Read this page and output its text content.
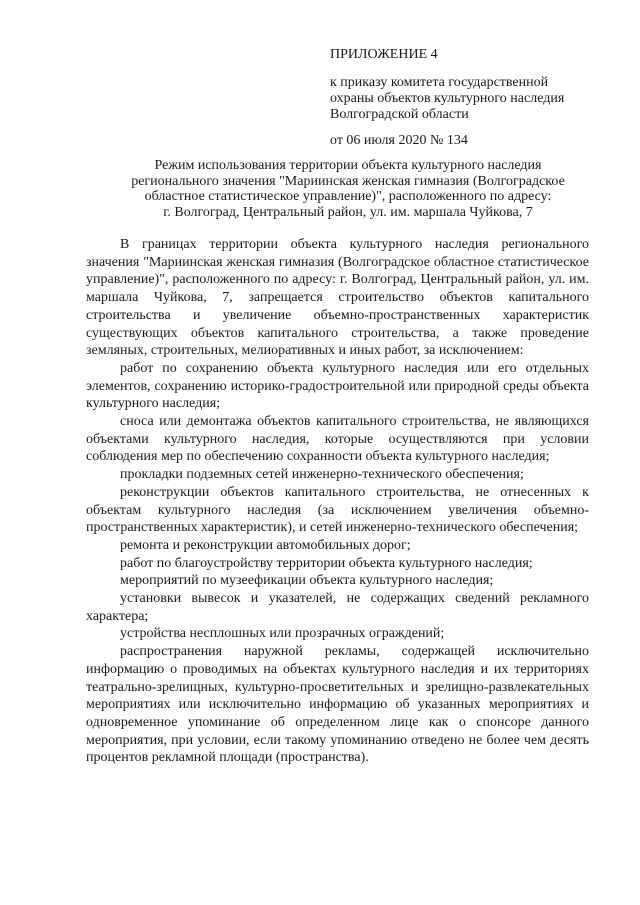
ПРИЛОЖЕНИЕ 4
к приказу комитета государственной
охраны объектов культурного наследия
Волгоградской области
от 06 июля 2020 № 134
Режим использования территории объекта культурного наследия
регионального значения "Мариинская женская гимназия (Волгоградское
областное статистическое управление)", расположенного по адресу:
г. Волгоград, Центральный район, ул. им. маршала Чуйкова, 7

В границах территории объекта культурного наследия регионального значения "Мариинская женская гимназия (Волгоградское областное статистическое управление)", расположенного по адресу: г. Волгоград, Центральный район, ул. им. маршала Чуйкова, 7, запрещается строительство объектов капитального строительства и увеличение объемно-пространственных характеристик существующих объектов капитального строительства, а также проведение земляных, строительных, мелиоративных и иных работ, за исключением:

работ по сохранению объекта культурного наследия или его отдельных элементов, сохранению историко-градостроительной или природной среды объекта культурного наследия;

сноса или демонтажа объектов капитального строительства, не являющихся объектами культурного наследия, которые осуществляются при условии соблюдения мер по обеспечению сохранности объекта культурного наследия;

прокладки подземных сетей инженерно-технического обеспечения;

реконструкции объектов капитального строительства, не отнесенных к объектам культурного наследия (за исключением увеличения объемно-пространственных характеристик), и сетей инженерно-технического обеспечения;

ремонта и реконструкции автомобильных дорог;

работ по благоустройству территории объекта культурного наследия;

мероприятий по музеефикации объекта культурного наследия;

установки вывесок и указателей, не содержащих сведений рекламного характера;

устройства несплошных или прозрачных ограждений;

распространения наружной рекламы, содержащей исключительно информацию о проводимых на объектах культурного наследия и их территориях театрально-зрелищных, культурно-просветительных и зрелищно-развлекательных мероприятиях или исключительно информацию об указанных мероприятиях и одновременное упоминание об определенном лице как о спонсоре данного мероприятия, при условии, если такому упоминанию отведено не более чем десять процентов рекламной площади (пространства).
